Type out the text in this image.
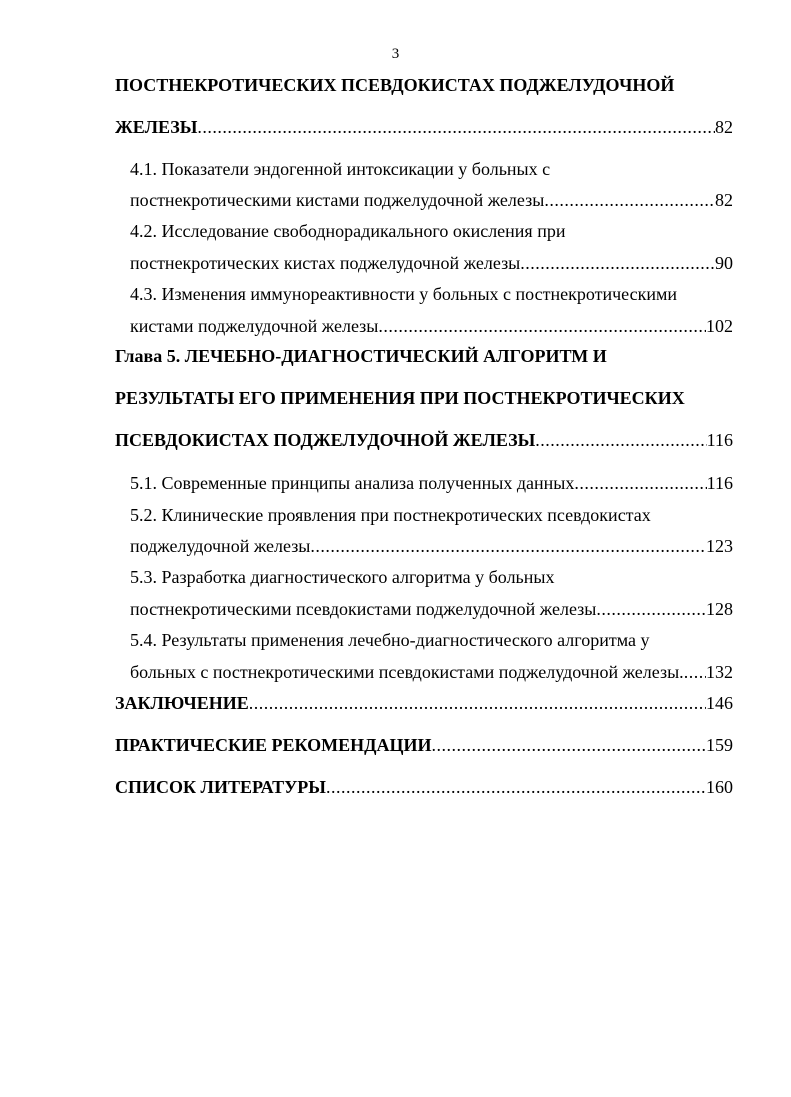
3
ПОСТНЕКРОТИЧЕСКИХ ПСЕВДОКИСТАХ ПОДЖЕЛУДОЧНОЙ
ЖЕЛЕЗЫ .....	82
4.1. Показатели эндогенной интоксикации у больных с
постнекротическими кистами поджелудочной железы .....	82
4.2. Исследование свободнорадикального окисления при
постнекротических кистах поджелудочной железы .....	90
4.3. Изменения иммунореактивности у больных с постнекротическими
кистами поджелудочной железы .....	102
Глава 5. ЛЕЧЕБНО-ДИАГНОСТИЧЕСКИЙ АЛГОРИТМ И
РЕЗУЛЬТАТЫ ЕГО ПРИМЕНЕНИЯ ПРИ ПОСТНЕКРОТИЧЕСКИХ
ПСЕВДОКИСТАХ ПОДЖЕЛУДОЧНОЙ ЖЕЛЕЗЫ .....	116
5.1. Современные принципы анализа полученных данных .....	116
5.2. Клинические проявления при постнекротических псевдокистах
поджелудочной железы .....	123
5.3. Разработка диагностического алгоритма у больных
постнекротическими псевдокистами поджелудочной железы .....	128
5.4. Результаты применения лечебно-диагностического алгоритма у
больных с постнекротическими псевдокистами поджелудочной железы. ..... 132
ЗАКЛЮЧЕНИЕ .....	146
ПРАКТИЧЕСКИЕ РЕКОМЕНДАЦИИ .....	159
СПИСОК ЛИТЕРАТУРЫ .....	160
